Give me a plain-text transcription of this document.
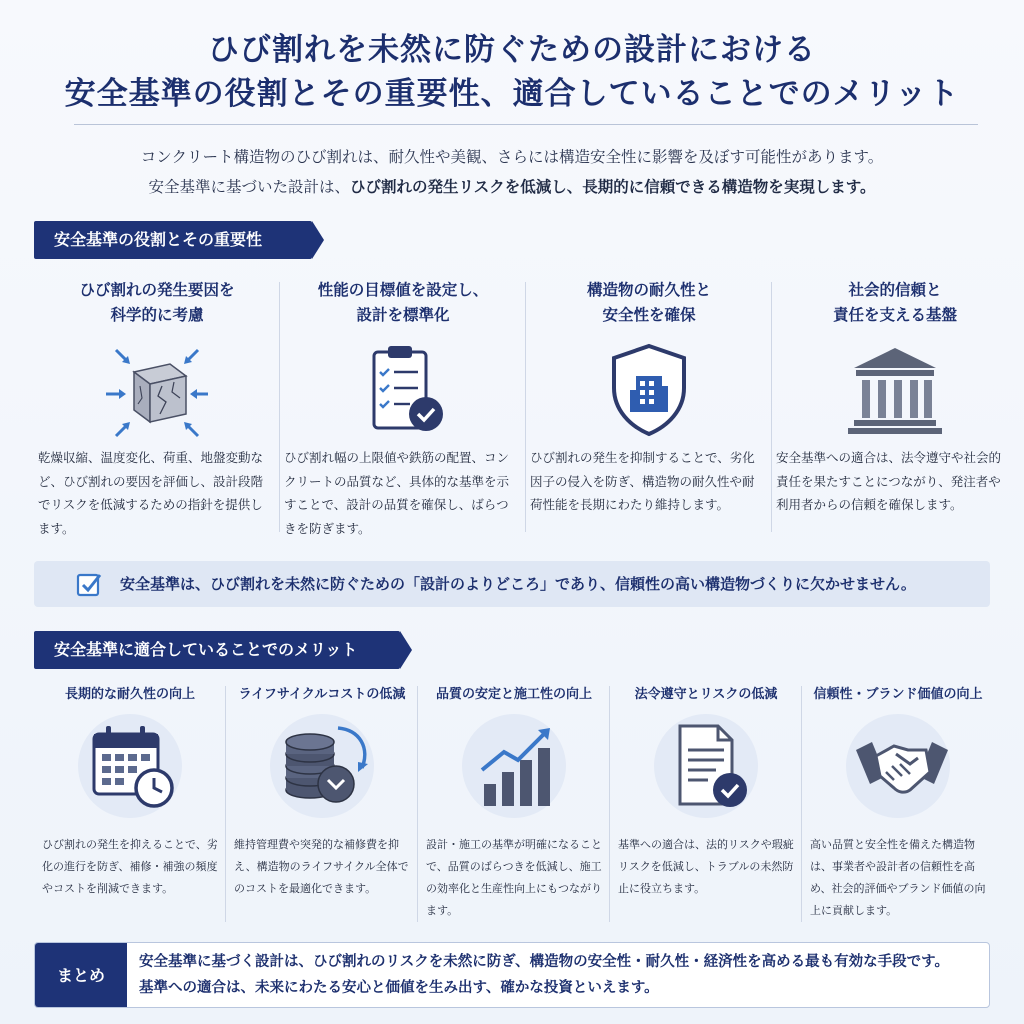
ひび割れを未然に防ぐための設計における
安全基準の役割とその重要性、適合していることでのメリット
コンクリート構造物のひび割れは、耐久性や美観、さらには構造安全性に影響を及ぼす可能性があります。
安全基準に基づいた設計は、ひび割れの発生リスクを低減し、長期的に信頼できる構造物を実現します。
安全基準の役割とその重要性
ひび割れの発生要因を
科学的に考慮
乾燥収縮、温度変化、荷重、地盤変動など、ひび割れの要因を評価し、設計段階でリスクを低減するための指針を提供します。
性能の目標値を設定し、
設計を標準化
ひび割れ幅の上限値や鉄筋の配置、コンクリートの品質など、具体的な基準を示すことで、設計の品質を確保し、ばらつきを防ぎます。
構造物の耐久性と
安全性を確保
ひび割れの発生を抑制することで、劣化因子の侵入を防ぎ、構造物の耐久性や耐荷性能を長期にわたり維持します。
社会的信頼と
責任を支える基盤
安全基準への適合は、法令遵守や社会的責任を果たすことにつながり、発注者や利用者からの信頼を確保します。
安全基準は、ひび割れを未然に防ぐための「設計のよりどころ」であり、信頼性の高い構造物づくりに欠かせません。
安全基準に適合していることでのメリット
長期的な耐久性の向上
ひび割れの発生を抑えることで、劣化の進行を防ぎ、補修・補強の頻度やコストを削減できます。
ライフサイクルコストの低減
維持管理費や突発的な補修費を抑え、構造物のライフサイクル全体でのコストを最適化できます。
品質の安定と施工性の向上
設計・施工の基準が明確になることで、品質のばらつきを低減し、施工の効率化と生産性向上にもつながります。
法令遵守とリスクの低減
基準への適合は、法的リスクや瑕疵リスクを低減し、トラブルの未然防止に役立ちます。
信頼性・ブランド価値の向上
高い品質と安全性を備えた構造物は、事業者や設計者の信頼性を高め、社会的評価やブランド価値の向上に貢献します。
まとめ
安全基準に基づく設計は、ひび割れのリスクを未然に防ぎ、構造物の安全性・耐久性・経済性を高める最も有効な手段です。
基準への適合は、未来にわたる安心と価値を生み出す、確かな投資といえます。
